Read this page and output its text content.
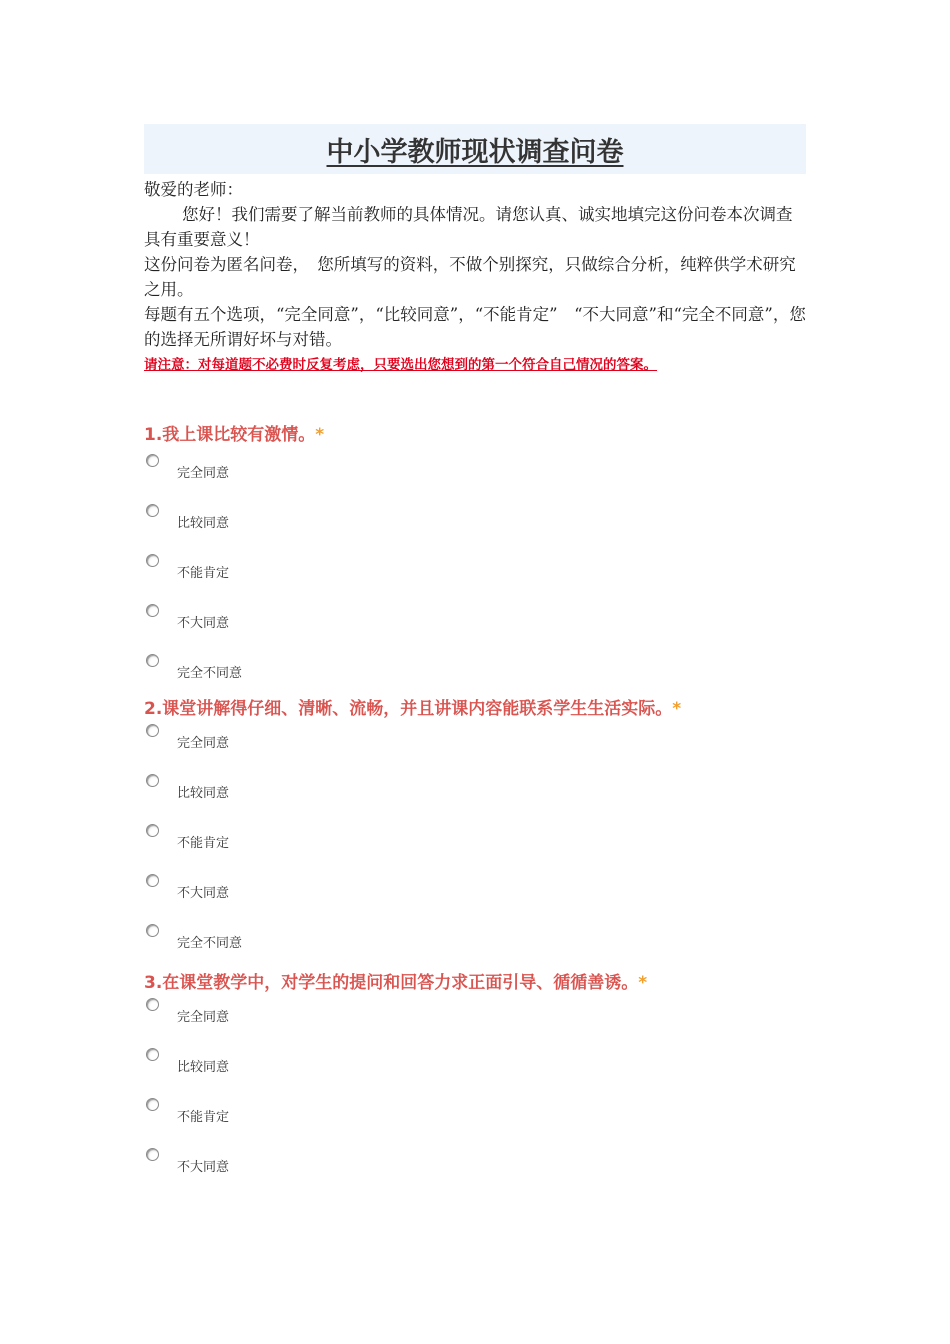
中小学教师现状调查问卷

敬爱的老师：

您好！我们需要了解当前教师的具体情况。请您认真、诚实地填完这份问卷本次调查具有重要意义！

这份问卷为匿名问卷，　您所填写的资料，不做个别探究，只做综合分析，纯粹供学术研究之用。

每题有五个选项，“完全同意”，“比较同意”，“不能肯定”　“不大同意”和“完全不同意”，您的选择无所谓好坏与对错。

请注意：对每道题不必费时反复考虑，只要选出您想到的第一个符合自己情况的答案。
1.我上课比较有激情。*
完全同意
比较同意
不能肯定
不大同意
完全不同意
2.课堂讲解得仔细、清晰、流畅，并且讲课内容能联系学生生活实际。*
完全同意
比较同意
不能肯定
不大同意
完全不同意
3.在课堂教学中，对学生的提问和回答力求正面引导、循循善诱。*
完全同意
比较同意
不能肯定
不大同意
